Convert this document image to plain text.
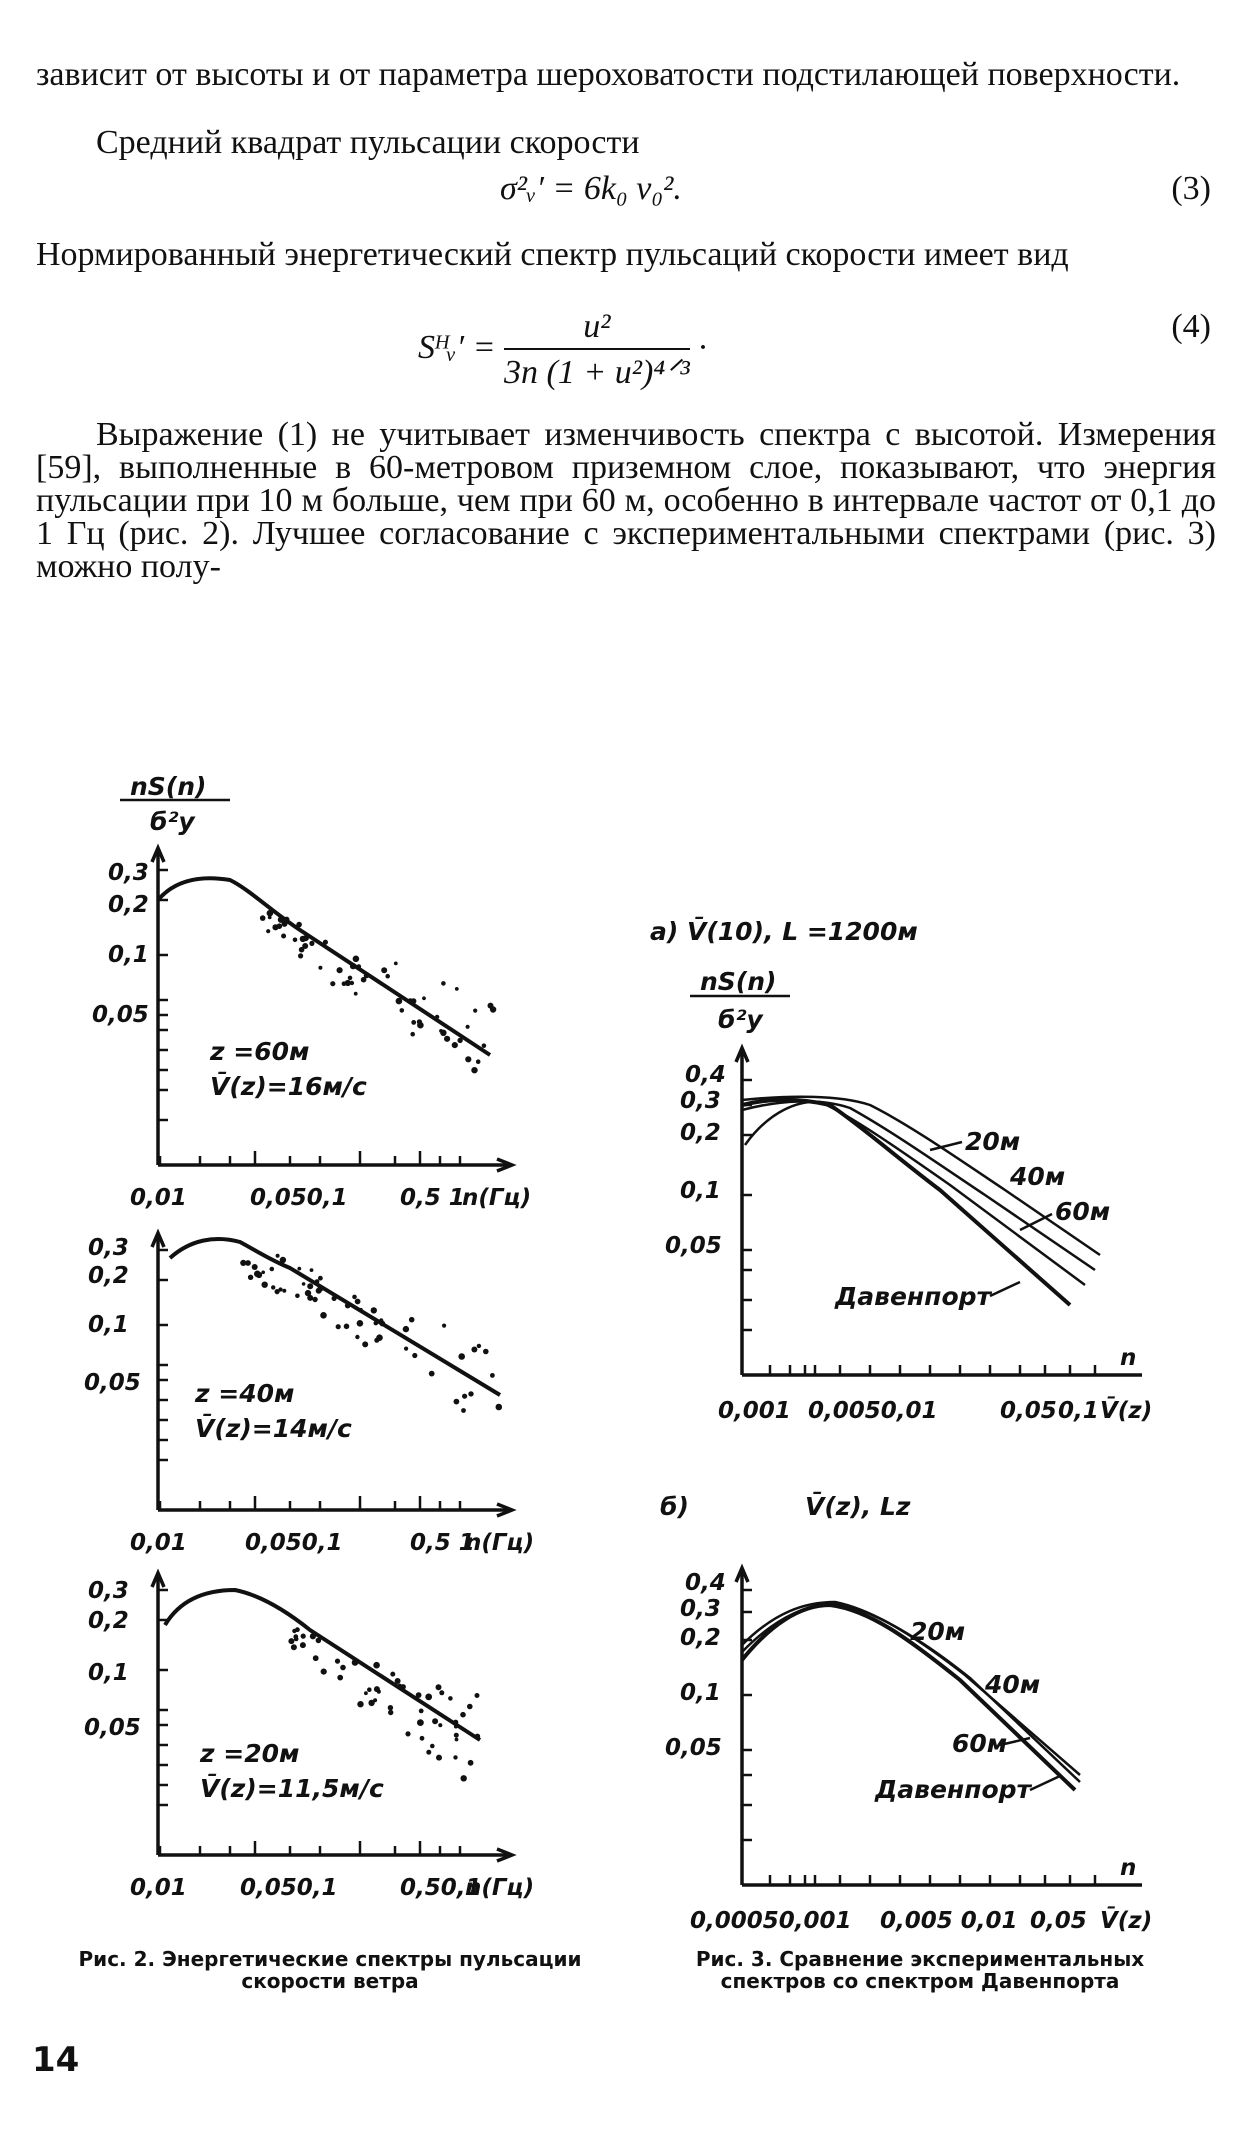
зависит от высоты и от параметра шероховатости подстилающей поверхности.
Средний квадрат пульсации скорости
σ²ᵥ′ = 6k₀ v₀².	(3)
Нормированный энергетический спектр пульсаций скорости имеет вид
Sᴴᵥ′ = $\frac{\text{u²}}{\text{3n (1 + u²)⁴ᐟ³}}$ ·
(4)
Выражение (1) не учитывает изменчивость спектра с высотой. Измерения [59], выполненные в 60-метровом приземном слое, показывают, что энергия пульсации при 10 м больше, чем при 60 м, особенно в интервале частот от 0,1 до 1 Гц (рис. 2). Лучшее согласование с экспериментальными спектрами (рис. 3) можно полу-
nS(n)
б²у
0,3
0,2
0,1
0,05
z =60м
V̄(z)=16м/с
0,01	0,050,1 0,5 1
n(Гц)
0,3
0,2
0,1
0,05 z =40м
V̄(z)=14м/с
0,01	0,050,1	0,5 1
n(Гц)
0,3
0,2
0,1
0,05
z =20м
V̄(z)=11,5м/с
0,01 0,050,1	0,50,1
n(Гц)
а) V̄(10), L =1200м
nS(n)
б²у
0,4
0,3
0,2
0,1
0,05
20м
40м
60м
Давенпорт
0,001 0,0050,01	0,05 0,1
n
V̄(z)
б)	V̄(z), Lz
0,4
0,3
0,2
0,1
0,05
20м
40м
60м
Давенпорт
0,00050,001 0,005 0,01 0,05
n
V̄(z)
Рис. 2. Энергетические спектры пульсации скорости ветра
Рис. 3. Сравнение экспериментальных спектров со спектром Давенпорта
14
